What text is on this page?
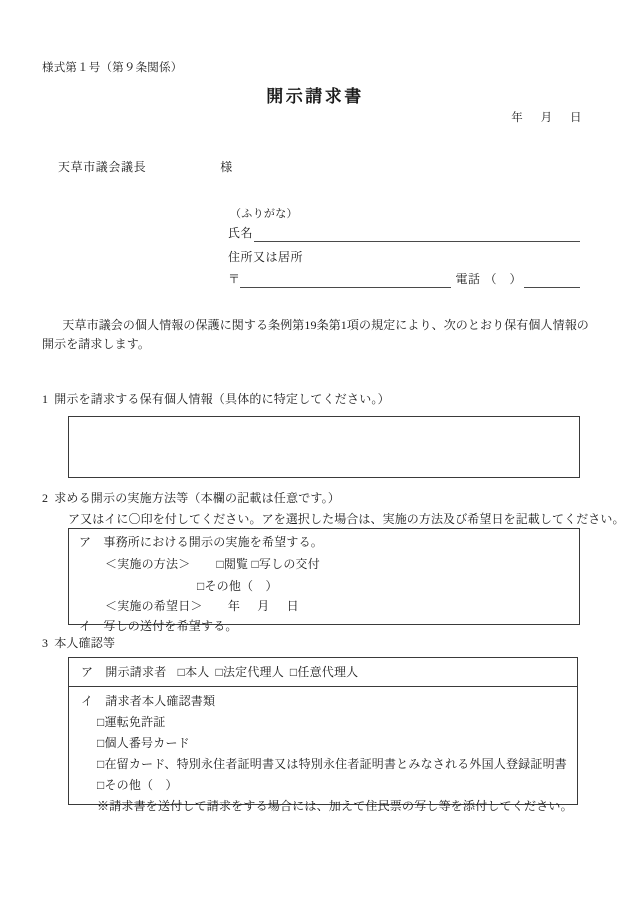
様式第１号（第９条関係）
開示請求書
年 月 日
天草市議会議長	様
（ふりがな）
氏名
住所又は居所
〒	電話 （　）
天草市議会の個人情報の保護に関する条例第19条第1項の規定により、次のとおり保有個人情報の開示を請求します。
1 開示を請求する保有個人情報（具体的に特定してください。）
2 求める開示の実施方法等（本欄の記載は任意です。）
ア又はイに〇印を付してください。アを選択した場合は、実施の方法及び希望日を記載してください。
ア　事務所における開示の実施を希望する。
＜実施の方法＞ □閲覧 □写しの交付
□その他（　）
＜実施の希望日＞ 年 月 日
イ　写しの送付を希望する。
3 本人確認等
ア　開示請求者 □本人 □法定代理人 □任意代理人
イ　請求者本人確認書類
□運転免許証
□個人番号カード
□在留カード、特別永住者証明書又は特別永住者証明書とみなされる外国人登録証明書
□その他（　）
※請求書を送付して請求をする場合には、加えて住民票の写し等を添付してください。
